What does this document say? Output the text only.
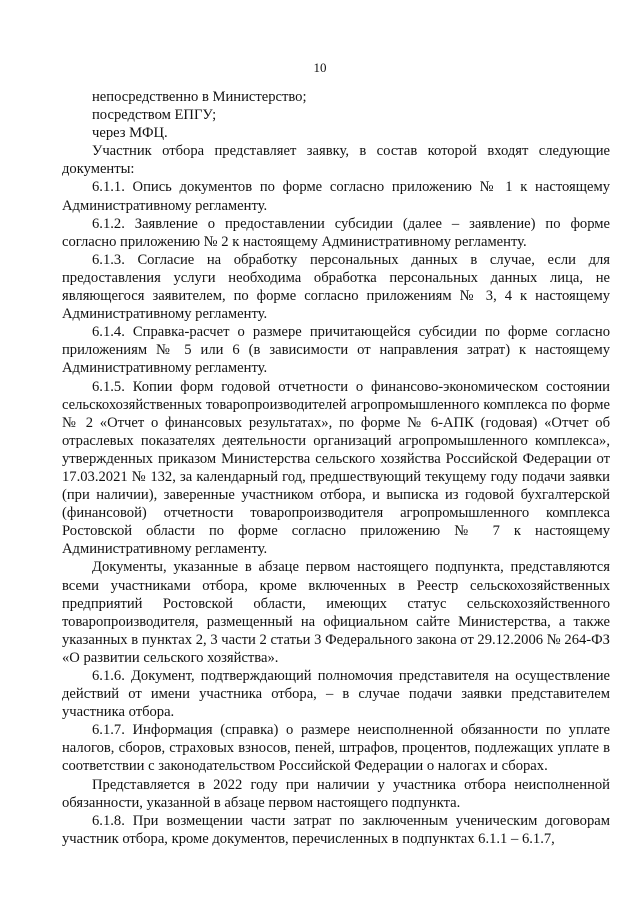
10

непосредственно в Министерство;

посредством ЕПГУ;

через МФЦ.

Участник отбора представляет заявку, в состав которой входят следующие документы:

6.1.1. Опись документов по форме согласно приложению № 1 к настоящему Административному регламенту.

6.1.2. Заявление о предоставлении субсидии (далее – заявление) по форме согласно приложению № 2 к настоящему Административному регламенту.

6.1.3. Согласие на обработку персональных данных в случае, если для предоставления услуги необходима обработка персональных данных лица, не являющегося заявителем, по форме согласно приложениям № 3, 4 к настоящему Административному регламенту.

6.1.4. Справка-расчет о размере причитающейся субсидии по форме согласно приложениям № 5 или 6 (в зависимости от направления затрат) к настоящему Административному регламенту.

6.1.5. Копии форм годовой отчетности о финансово-экономическом состоянии сельскохозяйственных товаропроизводителей агропромышленного комплекса по форме № 2 «Отчет о финансовых результатах», по форме № 6-АПК (годовая) «Отчет об отраслевых показателях деятельности организаций агропромышленного комплекса», утвержденных приказом Министерства сельского хозяйства Российской Федерации от 17.03.2021 № 132, за календарный год, предшествующий текущему году подачи заявки (при наличии), заверенные участником отбора, и выписка из годовой бухгалтерской (финансовой) отчетности товаропроизводителя агропромышленного комплекса Ростовской области по форме согласно приложению № 7 к настоящему Административному регламенту.

Документы, указанные в абзаце первом настоящего подпункта, представляются всеми участниками отбора, кроме включенных в Реестр сельскохозяйственных предприятий Ростовской области, имеющих статус сельскохозяйственного товаропроизводителя, размещенный на официальном сайте Министерства, а также указанных в пунктах 2, 3 части 2 статьи 3 Федерального закона от 29.12.2006 № 264-ФЗ «О развитии сельского хозяйства».

6.1.6. Документ, подтверждающий полномочия представителя на осуществление действий от имени участника отбора, – в случае подачи заявки представителем участника отбора.

6.1.7. Информация (справка) о размере неисполненной обязанности по уплате налогов, сборов, страховых взносов, пеней, штрафов, процентов, подлежащих уплате в соответствии с законодательством Российской Федерации о налогах и сборах.

Представляется в 2022 году при наличии у участника отбора неисполненной обязанности, указанной в абзаце первом настоящего подпункта.

6.1.8. При возмещении части затрат по заключенным ученическим договорам участник отбора, кроме документов, перечисленных в подпунктах 6.1.1 – 6.1.7,
